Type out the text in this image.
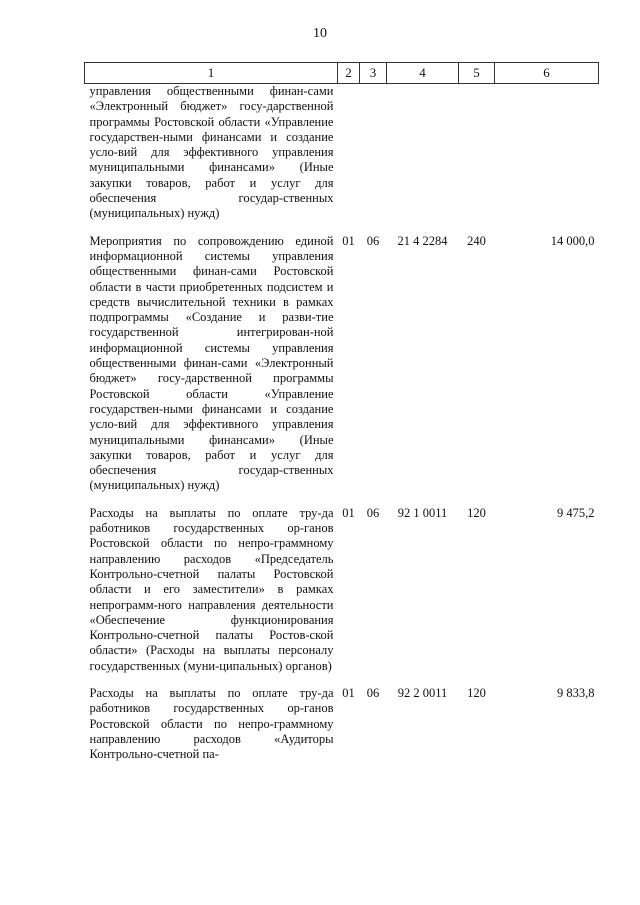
10
1	2	3	4	5	6
управления общественными финан-сами «Электронный бюджет» госу-дарственной программы Ростовской области «Управление государствен-ными финансами и создание усло-вий для эффективного управления муниципальными финансами» (Иные закупки товаров, работ и услуг для обеспечения государ-ственных (муниципальных) нужд)					
Мероприятия по сопровождению единой информационной системы управления общественными финан-сами Ростовской области в части приобретенных подсистем и средств вычислительной техники в рамках подпрограммы «Создание и разви-тие государственной интегрирован-ной информационной системы управления общественными финан-сами «Электронный бюджет» госу-дарственной программы Ростовской области «Управление государствен-ными финансами и создание усло-вий для эффективного управления муниципальными финансами» (Иные закупки товаров, работ и услуг для обеспечения государ-ственных (муниципальных) нужд)	01	06	21 4 2284	240	14 000,0
Расходы на выплаты по оплате тру-да работников государственных ор-ганов Ростовской области по непро-граммному направлению расходов «Председатель Контрольно-счетной палаты Ростовской области и его заместители» в рамках непрограмм-ного направления деятельности «Обеспечение функционирования Контрольно-счетной палаты Ростов-ской области» (Расходы на выплаты персоналу государственных (муни-ципальных) органов)	01	06	92 1 0011	120	9 475,2
Расходы на выплаты по оплате тру-да работников государственных ор-ганов Ростовской области по непро-граммному направлению расходов «Аудиторы Контрольно-счетной па-	01	06	92 2 0011	120	9 833,8
